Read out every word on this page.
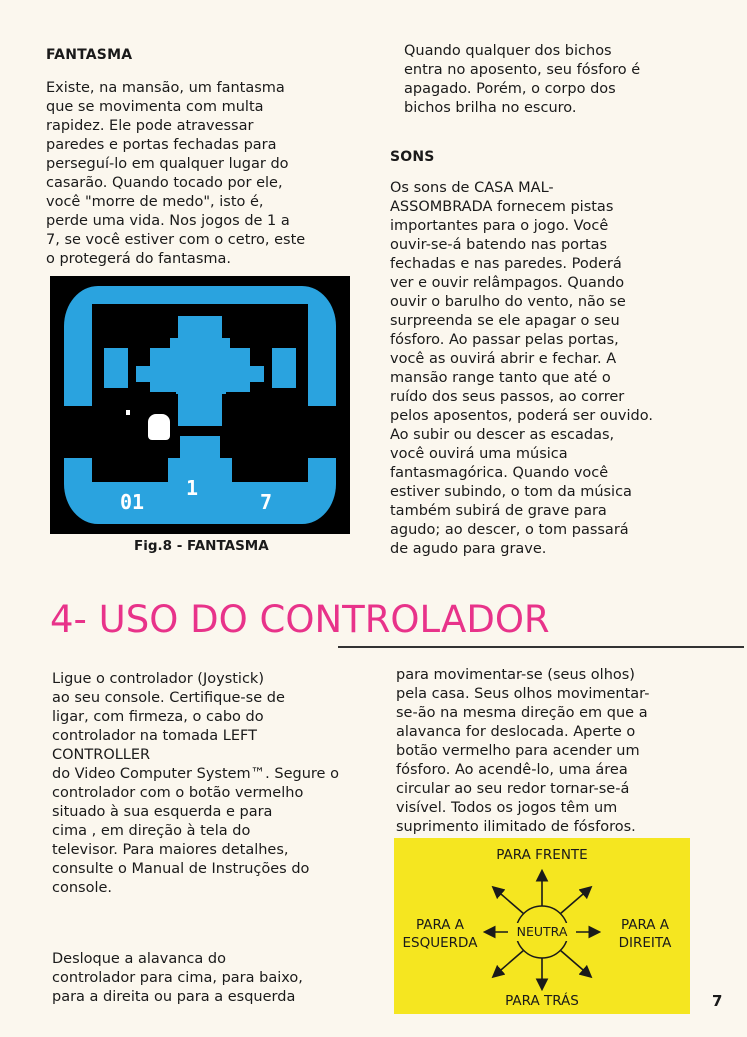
FANTASMA

Existe, na mansão, um fantasma
que se movimenta com multa
rapidez. Ele pode atravessar
paredes e portas fechadas para
perseguí-lo em qualquer lugar do
casarão. Quando tocado por ele,
você "morre de medo", isto é,
perde uma vida. Nos jogos de 1 a
7, se você estiver com o cetro, este
o protegerá do fantasma.

Quando qualquer dos bichos
entra no aposento, seu fósforo é
apagado. Porém, o corpo dos
bichos brilha no escuro.

SONS

Os sons de CASA MAL-
ASSOMBRADA fornecem pistas
importantes para o jogo. Você
ouvir-se-á batendo nas portas
fechadas e nas paredes. Poderá
ver e ouvir relâmpagos. Quando
ouvir o barulho do vento, não se
surpreenda se ele apagar o seu
fósforo. Ao passar pelas portas,
você as ouvirá abrir e fechar. A
mansão range tanto que até o
ruído dos seus passos, ao correr
pelos aposentos, poderá ser ouvido.
Ao subir ou descer as escadas,
você ouvirá uma música
fantasmagórica. Quando você
estiver subindo, o tom da música
também subirá de grave para
agudo; ao descer, o tom passará
de agudo para grave.

01
1
7
Fig.8 - FANTASMA
4- USO DO CONTROLADOR

Ligue o controlador (Joystick)
ao seu console. Certifique-se de
ligar, com firmeza, o cabo do
controlador na tomada LEFT
CONTROLLER
do Video Computer System™. Segure o
controlador com o botão vermelho
situado à sua esquerda e para
cima , em direção à tela do
televisor. Para maiores detalhes,
consulte o Manual de Instruções do
console.

Desloque a alavanca do
controlador para cima, para baixo,
para a direita ou para a esquerda

para movimentar-se (seus olhos)
pela casa. Seus olhos movimentar-
se-ão na mesma direção em que a
alavanca for deslocada. Aperte o
botão vermelho para acender um
fósforo. Ao acendê-lo, uma área
circular ao seu redor tornar-se-á
visível. Todos os jogos têm um
suprimento ilimitado de fósforos.

PARA FRENTE
PARA A
ESQUERDA
NEUTRA	PARA A
DIREITA
PARA TRÁS	7
